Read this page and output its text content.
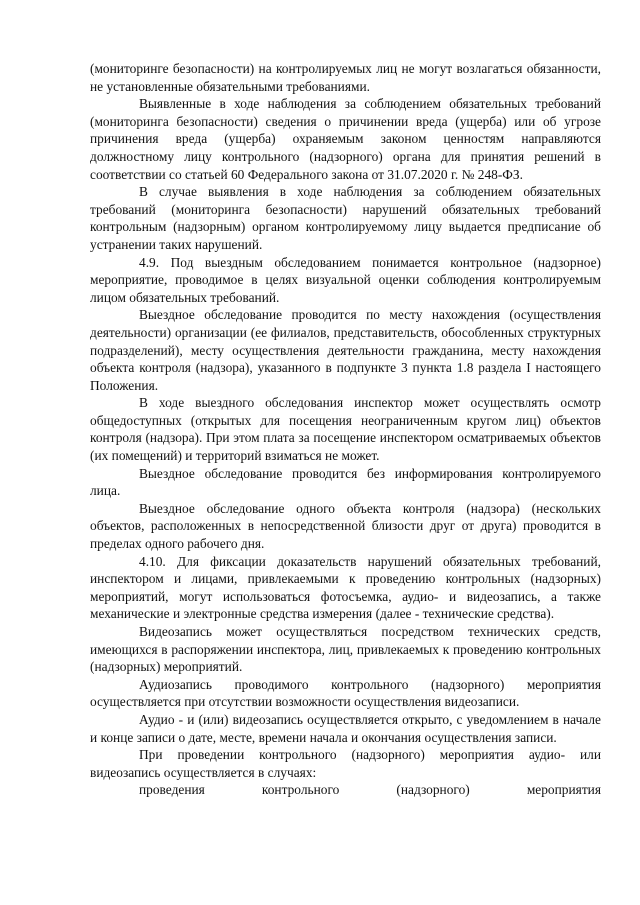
(мониторинге безопасности) на контролируемых лиц не могут возлагаться обязанности, не установленные обязательными требованиями.

Выявленные в ходе наблюдения за соблюдением обязательных требований (мониторинга безопасности) сведения о причинении вреда (ущерба) или об угрозе причинения вреда (ущерба) охраняемым законом ценностям направляются должностному лицу контрольного (надзорного) органа для принятия решений в соответствии со статьей 60 Федерального закона от 31.07.2020 г. № 248-ФЗ.

В случае выявления в ходе наблюдения за соблюдением обязательных требований (мониторинга безопасности) нарушений обязательных требований контрольным (надзорным) органом контролируемому лицу выдается предписание об устранении таких нарушений.

4.9. Под выездным обследованием понимается контрольное (надзорное) мероприятие, проводимое в целях визуальной оценки соблюдения контролируемым лицом обязательных требований.

Выездное обследование проводится по месту нахождения (осуществления деятельности) организации (ее филиалов, представительств, обособленных структурных подразделений), месту осуществления деятельности гражданина, месту нахождения объекта контроля (надзора), указанного в подпункте 3 пункта 1.8 раздела I настоящего Положения.

В ходе выездного обследования инспектор может осуществлять осмотр общедоступных (открытых для посещения неограниченным кругом лиц) объектов контроля (надзора). При этом плата за посещение инспектором осматриваемых объектов (их помещений) и территорий взиматься не может.

Выездное обследование проводится без информирования контролируемого лица.

Выездное обследование одного объекта контроля (надзора) (нескольких объектов, расположенных в непосредственной близости друг от друга) проводится в пределах одного рабочего дня.

4.10. Для фиксации доказательств нарушений обязательных требований, инспектором и лицами, привлекаемыми к проведению контрольных (надзорных) мероприятий, могут использоваться фотосъемка, аудио- и видеозапись, а также механические и электронные средства измерения (далее - технические средства).

Видеозапись может осуществляться посредством технических средств, имеющихся в распоряжении инспектора, лиц, привлекаемых к проведению контрольных (надзорных) мероприятий.

Аудиозапись проводимого контрольного (надзорного) мероприятия осуществляется при отсутствии возможности осуществления видеозаписи.

Аудио - и (или) видеозапись осуществляется открыто, с уведомлением в начале и конце записи о дате, месте, времени начала и окончания осуществления записи.

При проведении контрольного (надзорного) мероприятия аудио- или видеозапись осуществляется в случаях:

проведения контрольного (надзорного) мероприятия
